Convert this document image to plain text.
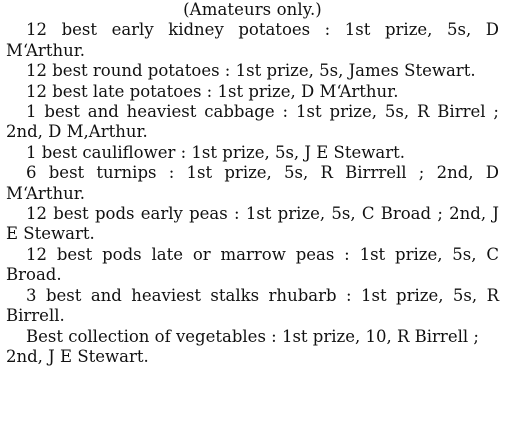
(Amateurs only.)

12 best early kidney potatoes : 1st prize, 5s, D M‘Arthur.

12 best round potatoes : 1st prize, 5s, James Stewart.

12 best late potatoes : 1st prize, D M‘Arthur.

1 best and heaviest cabbage : 1st prize, 5s, R Birrel ; 2nd, D M,Arthur.

1 best cauliflower : 1st prize, 5s, J E Stewart.

6 best turnips : 1st prize, 5s, R Birrrell ; 2nd, D M‘Arthur.

12 best pods early peas : 1st prize, 5s, C Broad ; 2nd, J E Stewart.

12 best pods late or marrow peas : 1st prize, 5s, C Broad.

3 best and heaviest stalks rhubarb : 1st prize, 5s, R Birrell.

Best collection of vegetables : 1st prize, 10, R Birrell ; 2nd, J E Stewart.
